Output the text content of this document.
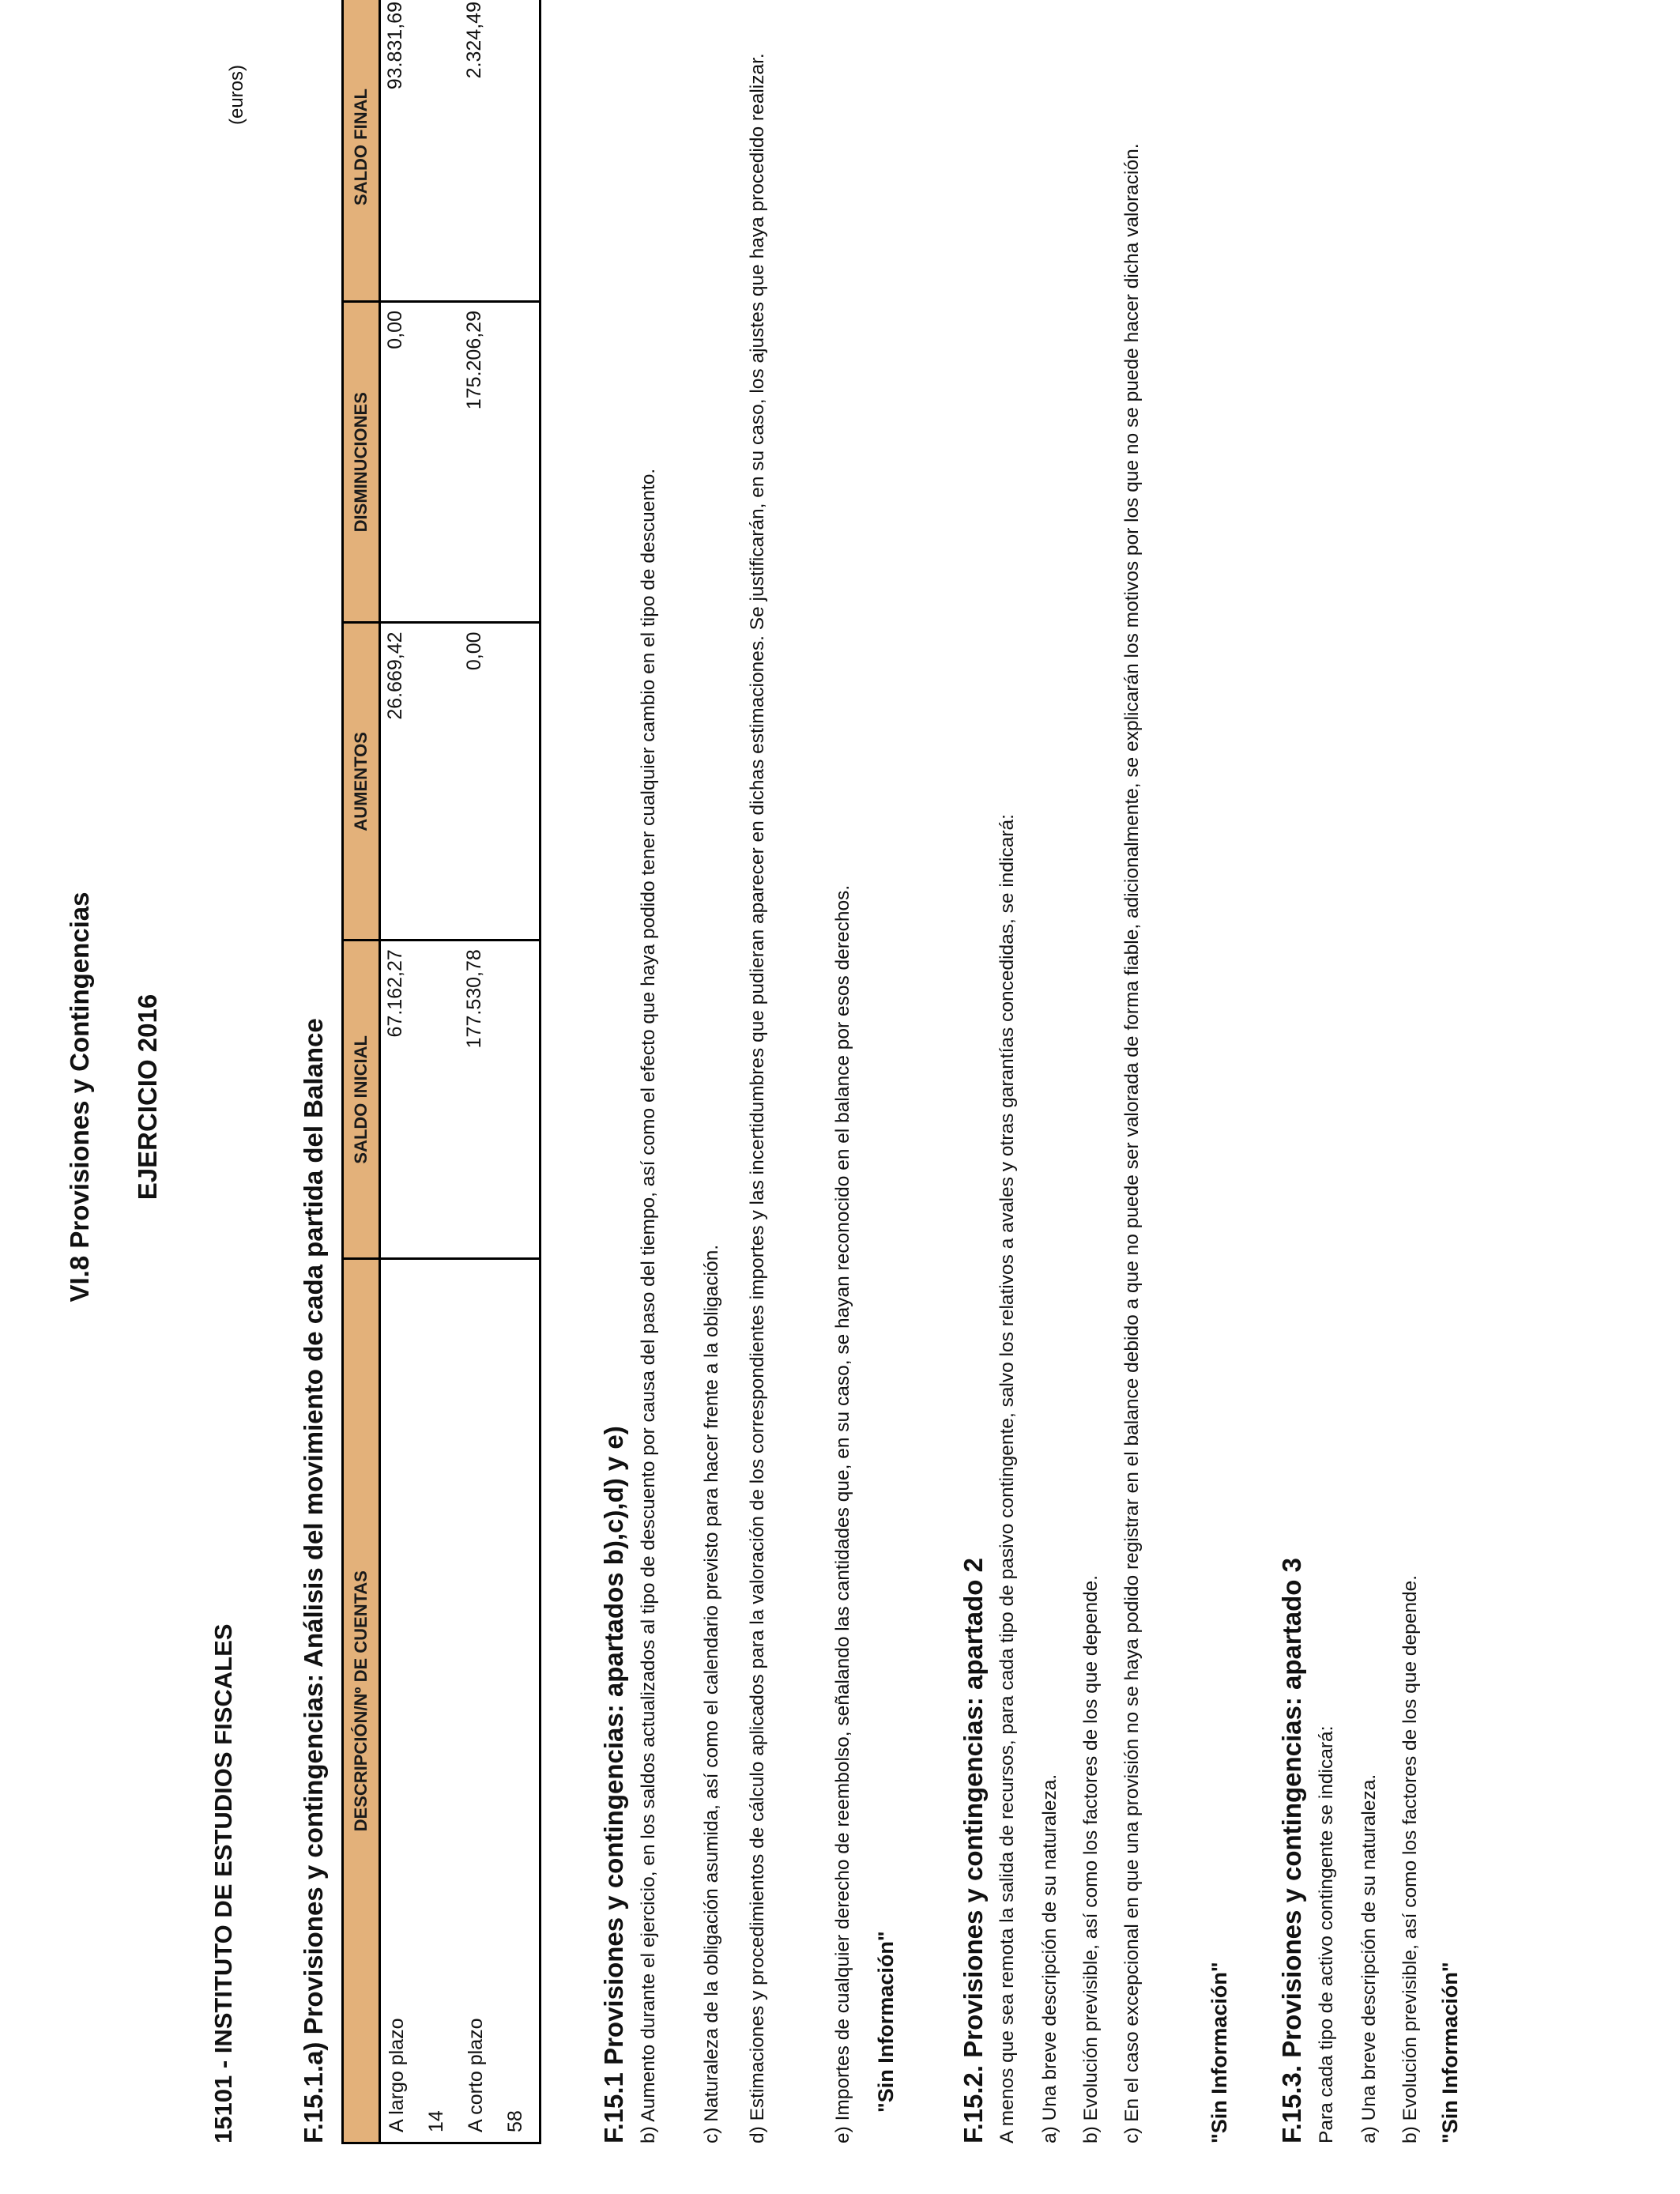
VI.8 Provisiones y Contingencias EJERCICIO 2016
15101 - INSTITUTO DE ESTUDIOS FISCALES
(euros)
F.15.1.a) Provisiones y contingencias: Análisis del movimiento de cada partida del Balance DESCRIPCIÓN/Nº DE CUENTAS	SALDO INICIAL	AUMENTOS	DISMINUCIONES	SALDO FINAL

A largo plazo 14	67.162,27	26.669,42	0,00	93.831,69

A corto plazo 58	177.530,78	0,00	175.206,29	2.324,49
F.15.1 Provisiones y contingencias: apartados b),c),d) y e) b) Aumento durante el ejercicio, en los saldos actualizados al tipo de descuento por causa del paso del tiempo, así como el efecto que haya podido tener cualquier cambio en el tipo de descuento. c) Naturaleza de la obligación asumida, así como el calendario previsto para hacer frente a la obligación. d) Estimaciones y procedimientos de cálculo aplicados para la valoración de los correspondientes importes y las incertidumbres que pudieran aparecer en dichas estimaciones. Se justificarán, en su caso, los ajustes que haya procedido realizar.	e) Importes de cualquier derecho de reembolso, señalando las cantidades que, en su caso, se hayan reconocido en el balance por esos derechos. "Sin Información" F.15.2. Provisiones y contingencias: apartado 2 A menos que sea remota la salida de recursos, para cada tipo de pasivo contingente, salvo los relativos a avales y otras garantías concedidas, se indicará: a) Una breve descripción de su naturaleza. b) Evolución previsible, así como los factores de los que depende. c) En el caso excepcional en que una provisión no se haya podido registrar en el balance debido a que no puede ser valorada de forma fiable, adicionalmente, se explicarán los motivos por los que no se puede hacer dicha valoración.	"Sin Información" F.15.3. Provisiones y contingencias: apartado 3 Para cada tipo de activo contingente se indicará: a) Una breve descripción de su naturaleza. b) Evolución previsible, así como los factores de los que depende. "Sin Información"
